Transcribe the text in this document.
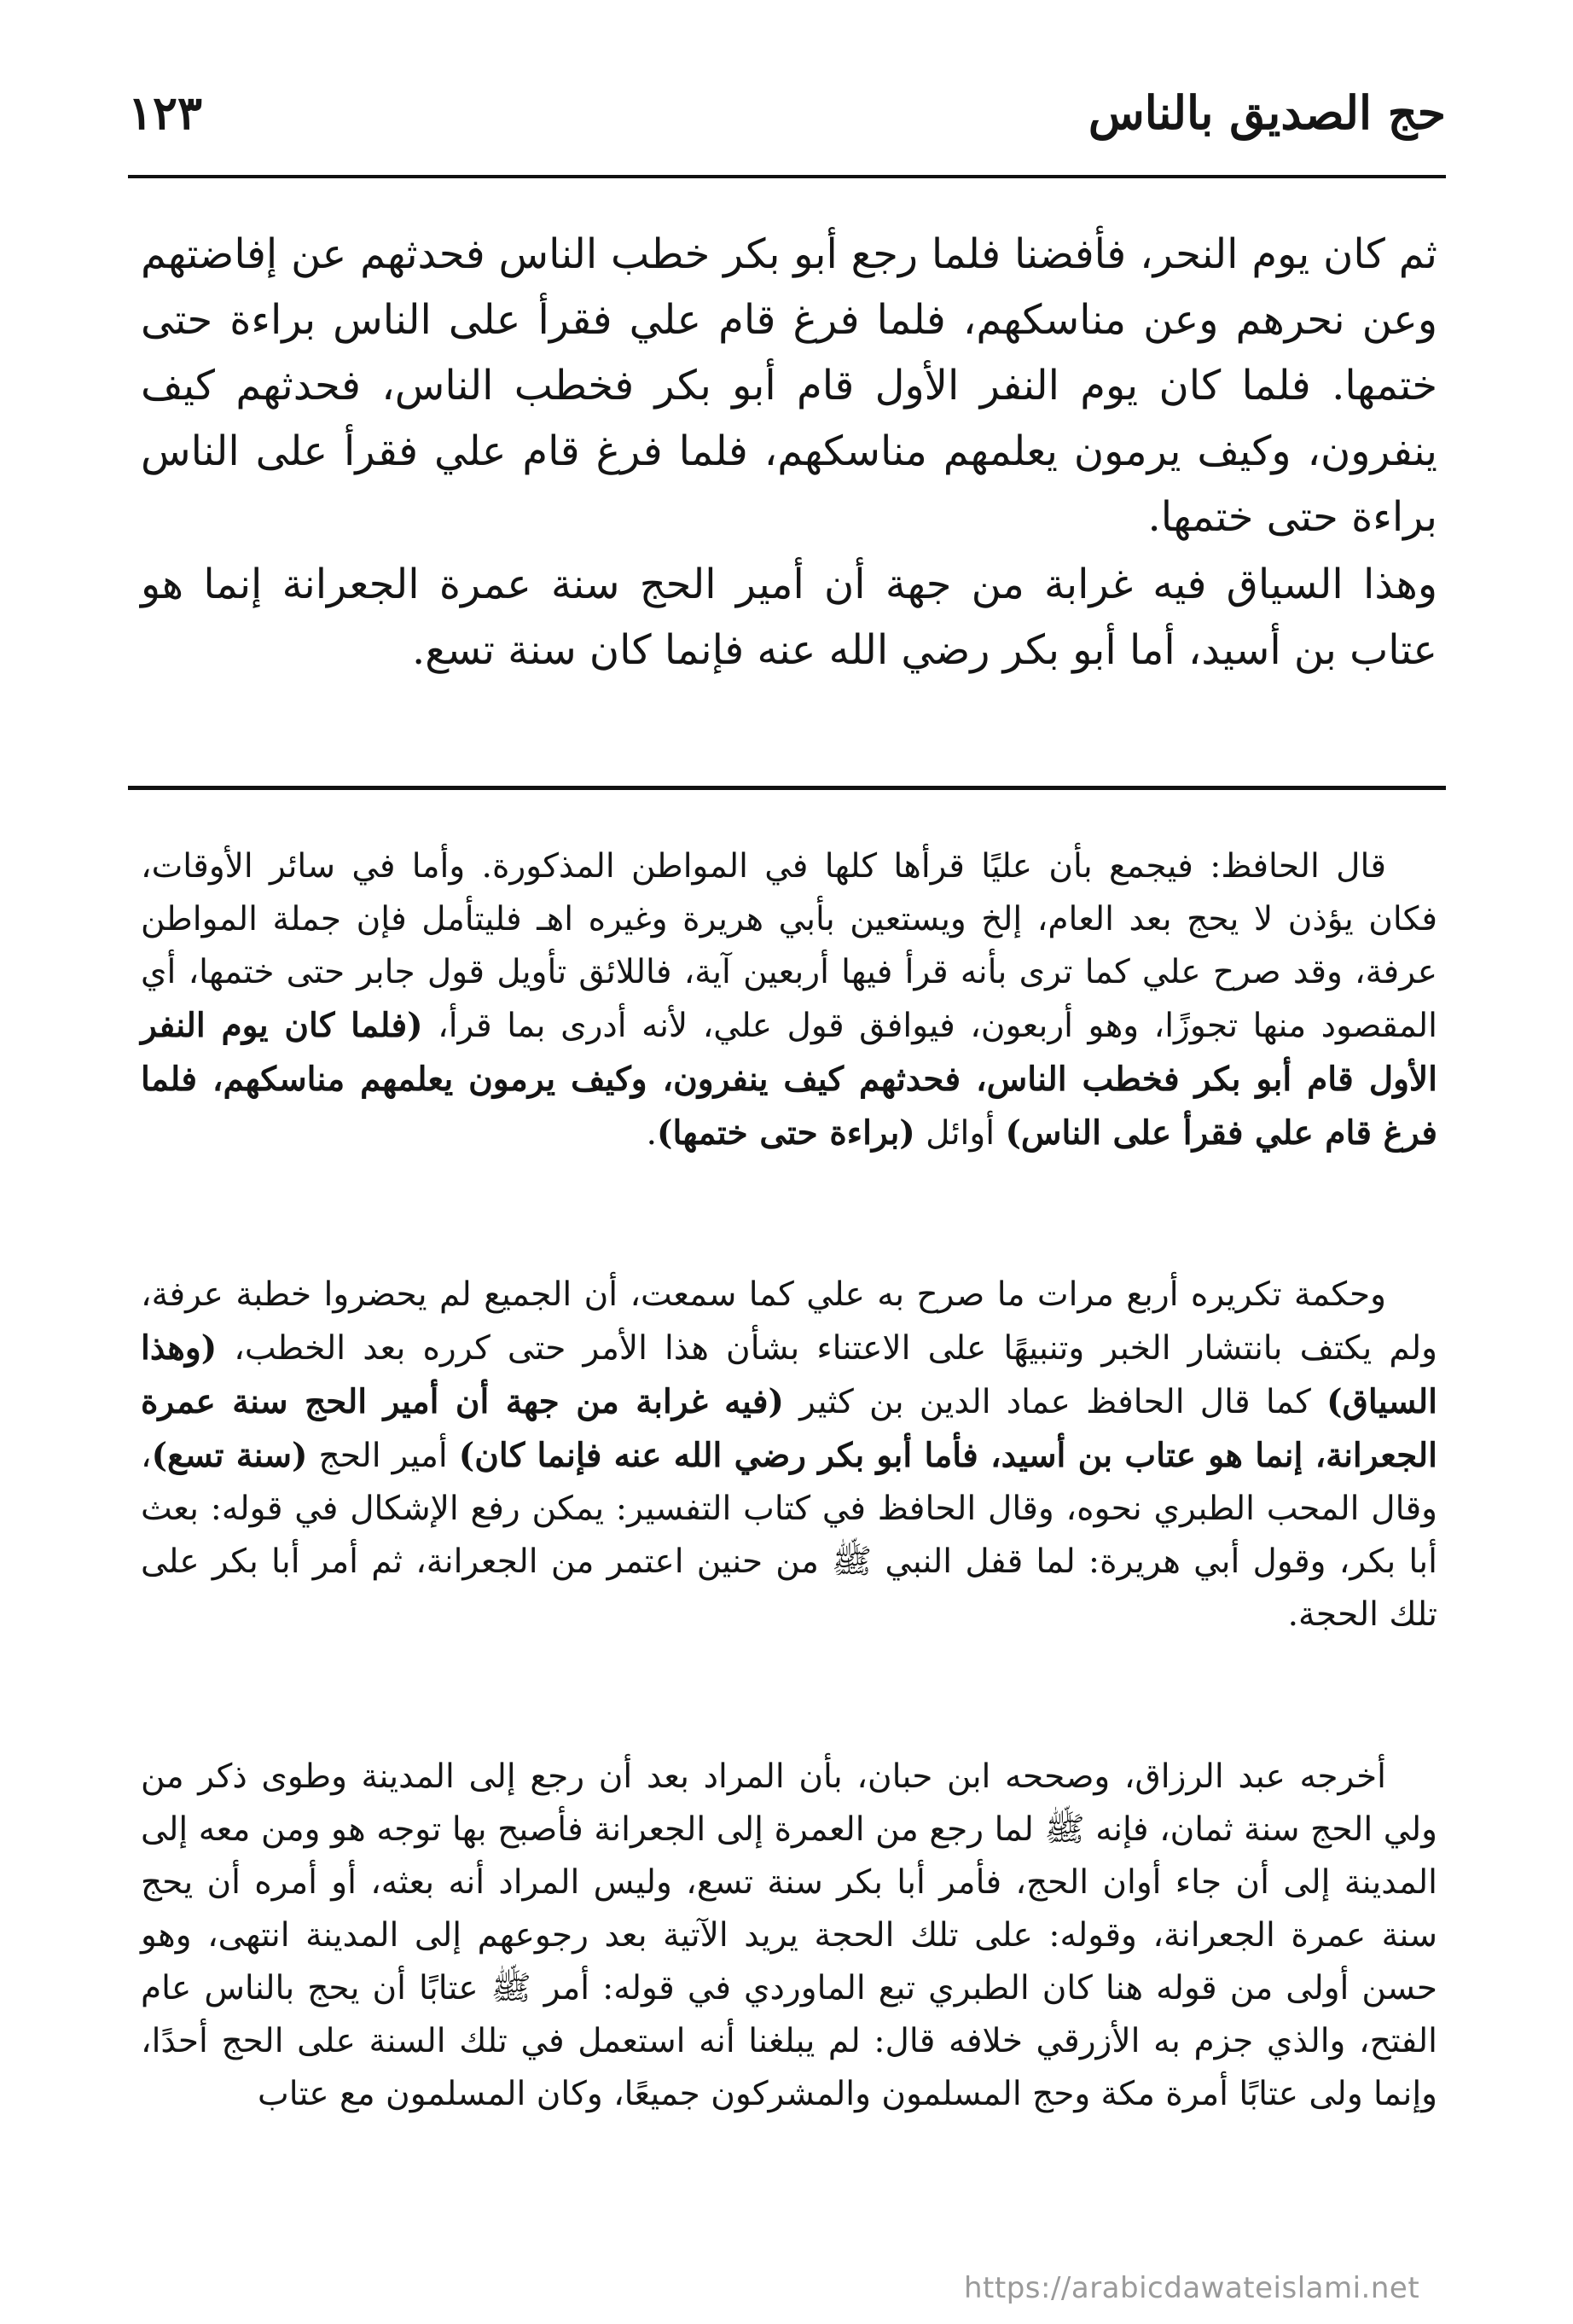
حج الصديق بالناس
١٢٣

ثم كان يوم النحر، فأفضنا فلما رجع أبو بكر خطب الناس فحدثهم عن إفاضتهم وعن نحرهم وعن مناسكهم، فلما فرغ قام علي فقرأ على الناس براءة حتى ختمها. فلما كان يوم النفر الأول قام أبو بكر فخطب الناس، فحدثهم كيف ينفرون، وكيف يرمون يعلمهم مناسكهم، فلما فرغ قام علي فقرأ على الناس براءة حتى ختمها.

وهذا السياق فيه غرابة من جهة أن أمير الحج سنة عمرة الجعرانة إنما هو عتاب بن أسيد، أما أبو بكر رضي الله عنه فإنما كان سنة تسع.

قال الحافظ: فيجمع بأن عليًا قرأها كلها في المواطن المذكورة. وأما في سائر الأوقات، فكان يؤذن لا يحج بعد العام، إلخ ويستعين بأبي هريرة وغيره اهـ فليتأمل فإن جملة المواطن عرفة، وقد صرح علي كما ترى بأنه قرأ فيها أربعين آية، فاللائق تأويل قول جابر حتى ختمها، أي المقصود منها تجوزًا، وهو أربعون، فيوافق قول علي، لأنه أدرى بما قرأ، (فلما كان يوم النفر الأول قام أبو بكر فخطب الناس، فحدثهم كيف ينفرون، وكيف يرمون يعلمهم مناسكهم، فلما فرغ قام علي فقرأ على الناس) أوائل (براءة حتى ختمها).

وحكمة تكريره أربع مرات ما صرح به علي كما سمعت، أن الجميع لم يحضروا خطبة عرفة، ولم يكتف بانتشار الخبر وتنبيهًا على الاعتناء بشأن هذا الأمر حتى كرره بعد الخطب، (وهذا السياق) كما قال الحافظ عماد الدين بن كثير (فيه غرابة من جهة أن أمير الحج سنة عمرة الجعرانة، إنما هو عتاب بن أسيد، فأما أبو بكر رضي الله عنه فإنما كان) أمير الحج (سنة تسع)، وقال المحب الطبري نحوه، وقال الحافظ في كتاب التفسير: يمكن رفع الإشكال في قوله: بعث أبا بكر، وقول أبي هريرة: لما قفل النبي ﷺ من حنين اعتمر من الجعرانة، ثم أمر أبا بكر على تلك الحجة.

أخرجه عبد الرزاق، وصححه ابن حبان، بأن المراد بعد أن رجع إلى المدينة وطوى ذكر من ولي الحج سنة ثمان، فإنه ﷺ لما رجع من العمرة إلى الجعرانة فأصبح بها توجه هو ومن معه إلى المدينة إلى أن جاء أوان الحج، فأمر أبا بكر سنة تسع، وليس المراد أنه بعثه، أو أمره أن يحج سنة عمرة الجعرانة، وقوله: على تلك الحجة يريد الآتية بعد رجوعهم إلى المدينة انتهى، وهو حسن أولى من قوله هنا كان الطبري تبع الماوردي في قوله: أمر ﷺ عتابًا أن يحج بالناس عام الفتح، والذي جزم به الأزرقي خلافه قال: لم يبلغنا أنه استعمل في تلك السنة على الحج أحدًا، وإنما ولى عتابًا أمرة مكة وحج المسلمون والمشركون جميعًا، وكان المسلمون مع عتاب

https://arabicdawateislami.net
